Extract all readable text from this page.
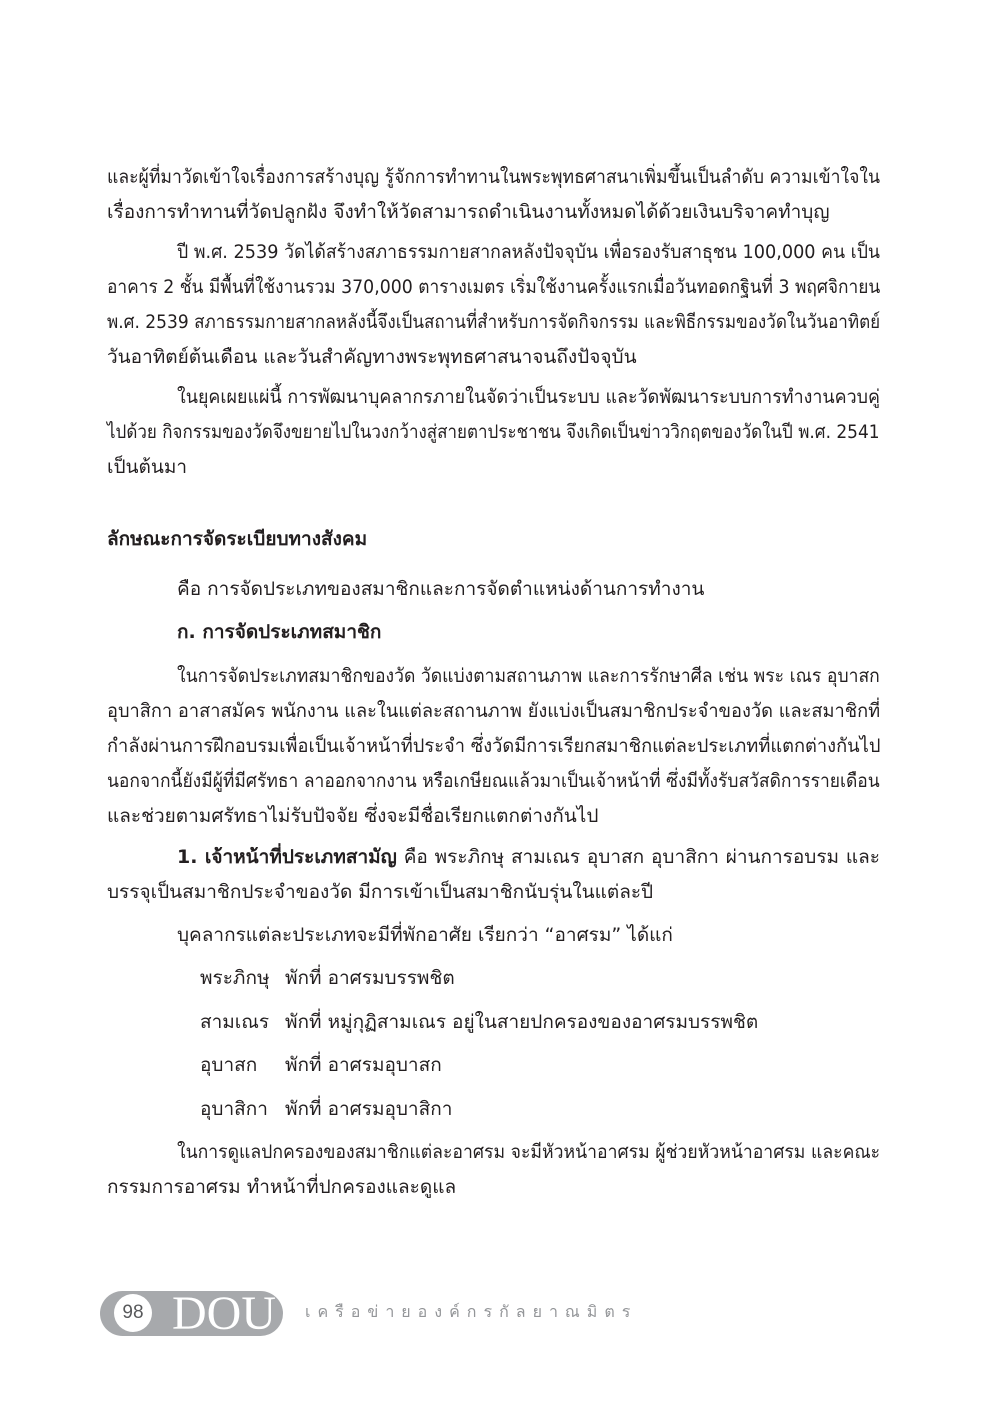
และผู้ที่มาวัดเข้าใจเรื่องการสร้างบุญ รู้จักการทำทานในพระพุทธศาสนาเพิ่มขึ้นเป็นลำดับ ความเข้าใจใน
เรื่องการทำทานที่วัดปลูกฝัง จึงทำให้วัดสามารถดำเนินงานทั้งหมดได้ด้วยเงินบริจาคทำบุญ
ปี พ.ศ. 2539 วัดได้สร้างสภาธรรมกายสากลหลังปัจจุบัน เพื่อรองรับสาธุชน 100,000 คน เป็น
อาคาร 2 ชั้น มีพื้นที่ใช้งานรวม 370,000 ตารางเมตร เริ่มใช้งานครั้งแรกเมื่อวันทอดกฐินที่ 3 พฤศจิกายน
พ.ศ. 2539 สภาธรรมกายสากลหลังนี้จึงเป็นสถานที่สำหรับการจัดกิจกรรม และพิธีกรรมของวัดในวันอาทิตย์
วันอาทิตย์ต้นเดือน และวันสำคัญทางพระพุทธศาสนาจนถึงปัจจุบัน
ในยุคเผยแผ่นี้ การพัฒนาบุคลากรภายในจัดว่าเป็นระบบ และวัดพัฒนาระบบการทำงานควบคู่
ไปด้วย กิจกรรมของวัดจึงขยายไปในวงกว้างสู่สายตาประชาชน จึงเกิดเป็นข่าววิกฤตของวัดในปี พ.ศ. 2541
เป็นต้นมา
ลักษณะการจัดระเบียบทางสังคม
คือ การจัดประเภทของสมาชิกและการจัดตำแหน่งด้านการทำงาน
ก. การจัดประเภทสมาชิก
ในการจัดประเภทสมาชิกของวัด วัดแบ่งตามสถานภาพ และการรักษาศีล เช่น พระ เณร อุบาสก
อุบาสิกา อาสาสมัคร พนักงาน และในแต่ละสถานภาพ ยังแบ่งเป็นสมาชิกประจำของวัด และสมาชิกที่
กำลังผ่านการฝึกอบรมเพื่อเป็นเจ้าหน้าที่ประจำ ซึ่งวัดมีการเรียกสมาชิกแต่ละประเภทที่แตกต่างกันไป
นอกจากนี้ยังมีผู้ที่มีศรัทธา ลาออกจากงาน หรือเกษียณแล้วมาเป็นเจ้าหน้าที่ ซึ่งมีทั้งรับสวัสดิการรายเดือน
และช่วยตามศรัทธาไม่รับปัจจัย ซึ่งจะมีชื่อเรียกแตกต่างกันไป
1. เจ้าหน้าที่ประเภทสามัญ คือ พระภิกษุ สามเณร อุบาสก อุบาสิกา ผ่านการอบรม และ
บรรจุเป็นสมาชิกประจำของวัด มีการเข้าเป็นสมาชิกนับรุ่นในแต่ละปี
บุคลากรแต่ละประเภทจะมีที่พักอาศัย เรียกว่า “อาศรม” ได้แก่
พระภิกษุ พักที่ อาศรมบรรพชิต
สามเณร พักที่ หมู่กุฏิสามเณร อยู่ในสายปกครองของอาศรมบรรพชิต
อุบาสก พักที่ อาศรมอุบาสก
อุบาสิกา พักที่ อาศรมอุบาสิกา
ในการดูแลปกครองของสมาชิกแต่ละอาศรม จะมีหัวหน้าอาศรม ผู้ช่วยหัวหน้าอาศรม และคณะ
กรรมการอาศรม ทำหน้าที่ปกครองและดูแล
98 DOU เครือข่ายองค์กรกัลยาณมิตร
